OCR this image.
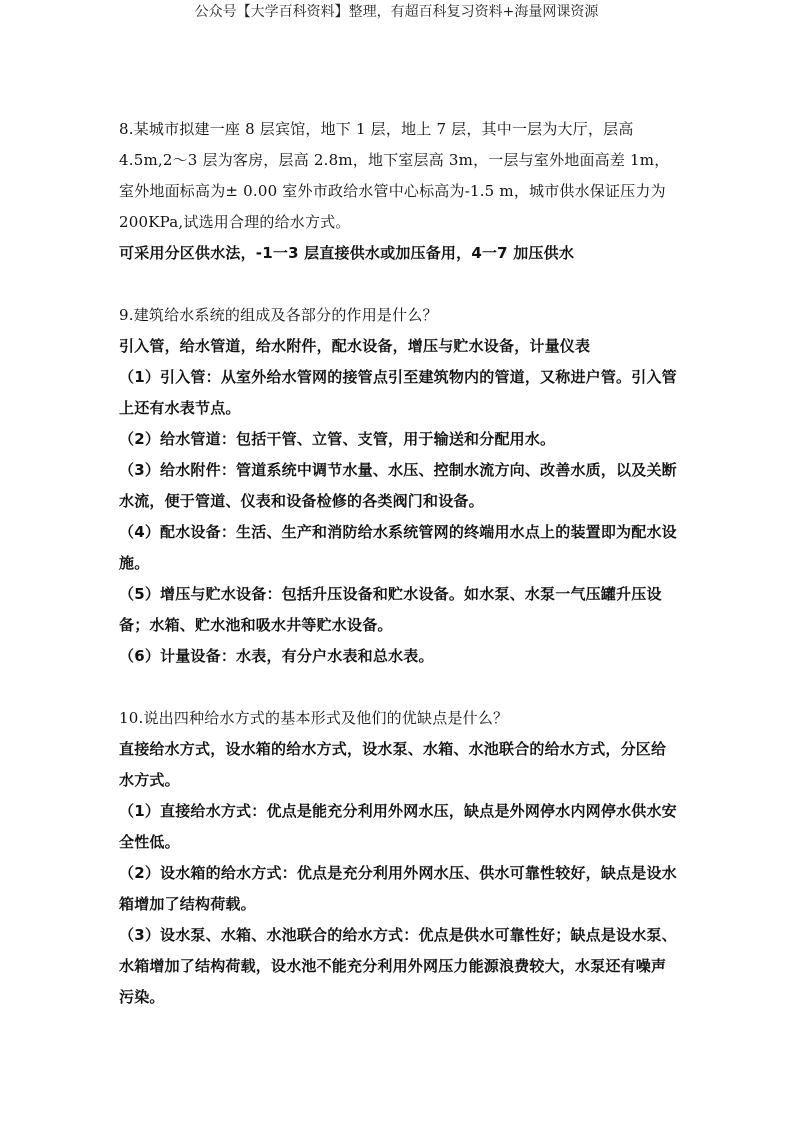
公众号【大学百科资料】整理，有超百科复习资料+海量网课资源

8.某城市拟建一座 8 层宾馆，地下 1 层，地上 7 层，其中一层为大厅，层高 4.5m,2～3 层为客房，层高 2.8m，地下室层高 3m，一层与室外地面高差 1m，室外地面标高为± 0.00 室外市政给水管中心标高为-1.5 m，城市供水保证压力为 200KPa,试选用合理的给水方式。

可采用分区供水法，-1一3 层直接供水或加压备用，4一7 加压供水

9.建筑给水系统的组成及各部分的作用是什么？

引入管，给水管道，给水附件，配水设备，增压与贮水设备，计量仪表

（1）引入管：从室外给水管网的接管点引至建筑物内的管道，又称进户管。引入管上还有水表节点。

（2）给水管道：包括干管、立管、支管，用于输送和分配用水。

（3）给水附件：管道系统中调节水量、水压、控制水流方向、改善水质，以及关断水流，便于管道、仪表和设备检修的各类阀门和设备。

（4）配水设备：生活、生产和消防给水系统管网的终端用水点上的装置即为配水设施。

（5）增压与贮水设备：包括升压设备和贮水设备。如水泵、水泵一气压罐升压设备；水箱、贮水池和吸水井等贮水设备。

（6）计量设备：水表，有分户水表和总水表。

10.说出四种给水方式的基本形式及他们的优缺点是什么？

直接给水方式，设水箱的给水方式，设水泵、水箱、水池联合的给水方式，分区给水方式。

（1）直接给水方式：优点是能充分利用外网水压，缺点是外网停水内网停水供水安全性低。

（2）设水箱的给水方式：优点是充分利用外网水压、供水可靠性较好，缺点是设水箱增加了结构荷载。

（3）设水泵、水箱、水池联合的给水方式：优点是供水可靠性好；缺点是设水泵、水箱增加了结构荷载，设水池不能充分利用外网压力能源浪费较大，水泵还有噪声污染。
